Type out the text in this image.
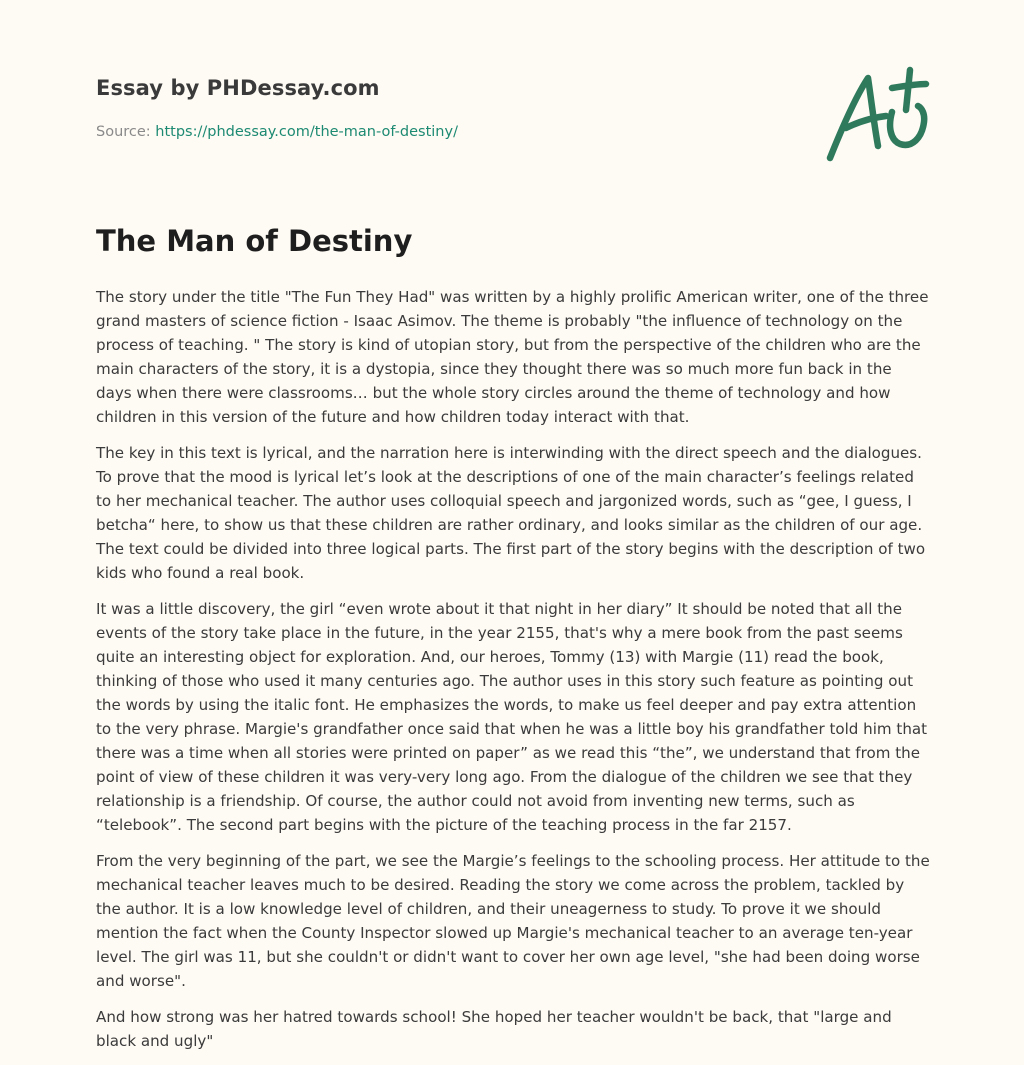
Essay by PHDessay.com
Source: https://phdessay.com/the-man-of-destiny/
The Man of Destiny

The story under the title "The Fun They Had" was written by a highly prolific American writer, one of the three grand masters of science fiction - Isaac Asimov. The theme is probably "the influence of technology on the process of teaching. " The story is kind of utopian story, but from the perspective of the children who are the main characters of the story, it is a dystopia, since they thought there was so much more fun back in the days when there were classrooms… but the whole story circles around the theme of technology and how children in this version of the future and how children today interact with that.

The key in this text is lyrical, and the narration here is interwinding with the direct speech and the dialogues. To prove that the mood is lyrical let’s look at the descriptions of one of the main character’s feelings related to her mechanical teacher. The author uses colloquial speech and jargonized words, such as “gee, I guess, I betcha“ here, to show us that these children are rather ordinary, and looks similar as the children of our age. The text could be divided into three logical parts. The first part of the story begins with the description of two kids who found a real book.

It was a little discovery, the girl “even wrote about it that night in her diary” It should be noted that all the events of the story take place in the future, in the year 2155, that's why a mere book from the past seems quite an interesting object for exploration. And, our heroes, Tommy (13) with Margie (11) read the book, thinking of those who used it many centuries ago. The author uses in this story such feature as pointing out the words by using the italic font. He emphasizes the words, to make us feel deeper and pay extra attention to the very phrase. Margie's grandfather once said that when he was a little boy his grandfather told him that there was a time when all stories were printed on paper” as we read this “the”, we understand that from the point of view of these children it was very-very long ago. From the dialogue of the children we see that they relationship is a friendship. Of course, the author could not avoid from inventing new terms, such as “telebook”. The second part begins with the picture of the teaching process in the far 2157.

From the very beginning of the part, we see the Margie’s feelings to the schooling process. Her attitude to the mechanical teacher leaves much to be desired. Reading the story we come across the problem, tackled by the author. It is a low knowledge level of children, and their uneagerness to study. To prove it we should mention the fact when the County Inspector slowed up Margie's mechanical teacher to an average ten-year level. The girl was 11, but she couldn't or didn't want to cover her own age level, "she had been doing worse and worse".

And how strong was her hatred towards school! She hoped her teacher wouldn't be back, that "large and black and ugly"
